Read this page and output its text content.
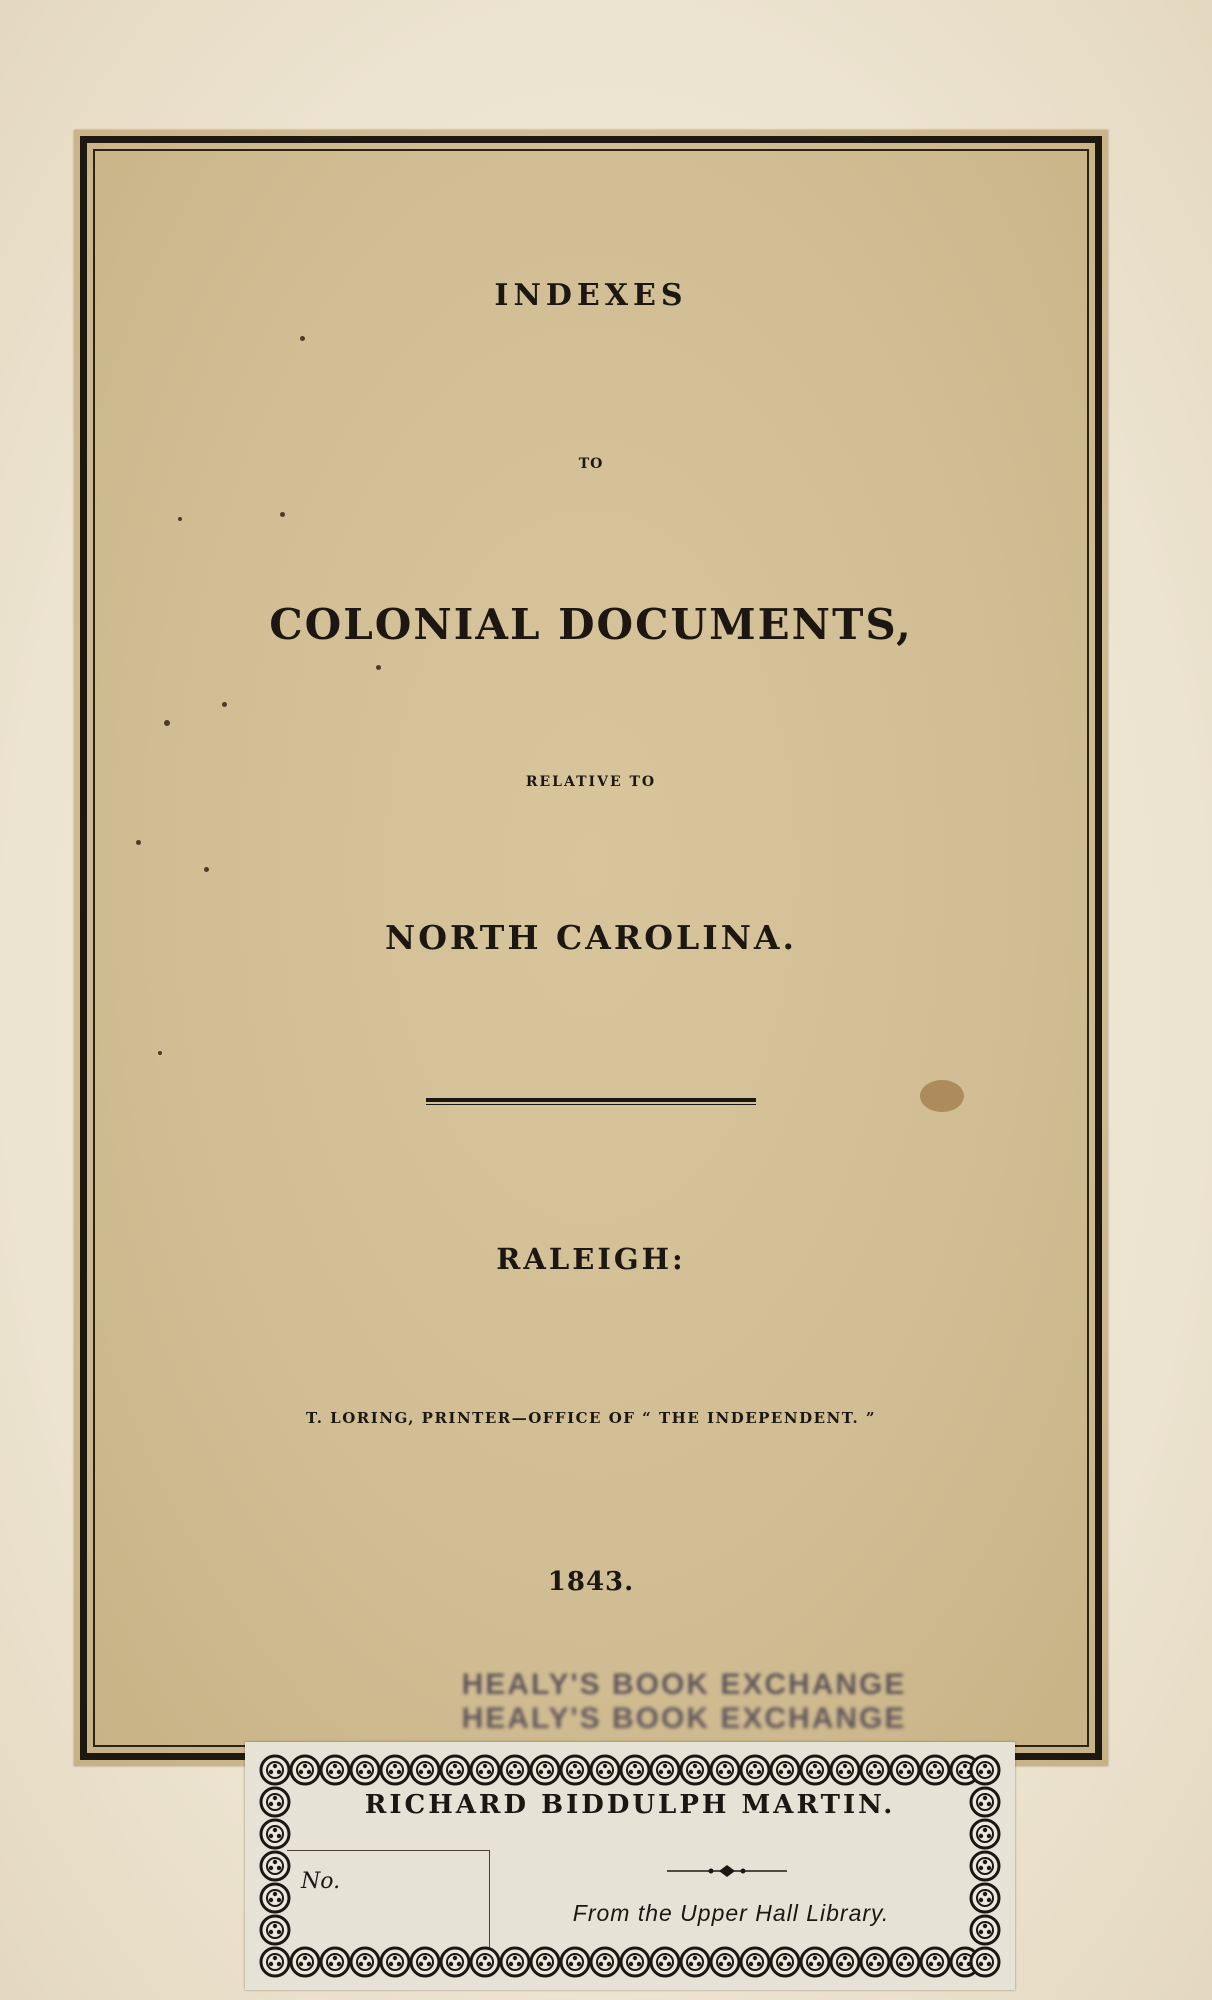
INDEXES
TO
COLONIAL DOCUMENTS,
RELATIVE TO
NORTH CAROLINA.
RALEIGH:
T. LORING, PRINTER—OFFICE OF “ THE INDEPENDENT. ”
1843.
HEALY'S BOOK EXCHANGE
HEALY'S BOOK EXCHANGE
RICHARD BIDDULPH MARTIN.
No.
From the Upper Hall Library.
